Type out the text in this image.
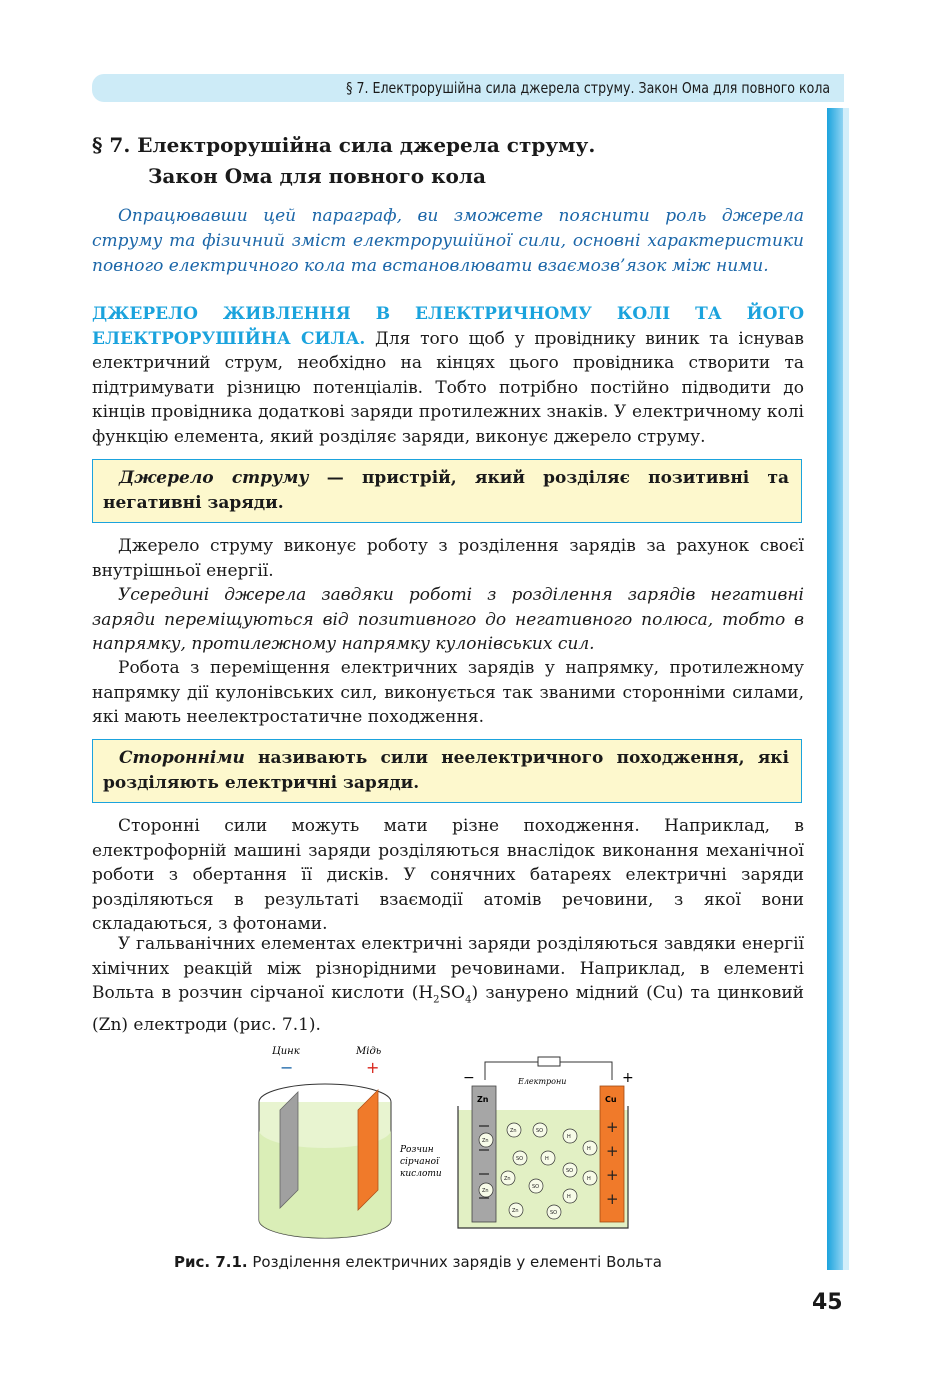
§ 7. Електрорушійна сила джерела струму. Закон Ома для повного кола
§ 7. Електрорушійна сила джерела струму.
Закон Ома для повного кола
Опрацювавши цей параграф, ви зможете пояснити роль джерела струму та фізичний зміст електрорушійної сили, основні характеристики повного електричного кола та встановлювати взаємозв’язок між ними.
ДЖЕРЕЛО ЖИВЛЕННЯ В ЕЛЕКТРИЧНОМУ КОЛІ ТА ЙОГО ЕЛЕКТРОРУШІЙНА СИЛА. Для того щоб у провіднику виник та існував електричний струм, необхідно на кінцях цього провідника створити та підтримувати різницю потенціалів. Тобто потрібно постійно підводити до кінців провідника додаткові заряди протилежних знаків. У електричному колі функцію елемента, який розділяє заряди, виконує джерело струму.
Джерело струму — пристрій, який розділяє позитивні та негативні заряди.
Джерело струму виконує роботу з розділення зарядів за рахунок своєї внутрішньої енергії.
Усередині джерела завдяки роботі з розділення зарядів негативні заряди переміщуються від позитивного до негативного полюса, тобто в напрямку, протилежному напрямку кулонівських сил.
Робота з переміщення електричних зарядів у напрямку, протилежному напрямку дії кулонівських сил, виконується так званими сторонніми силами, які мають неелектростатичне походження.
Сторонніми називають сили неелектричного походження, які розділяють електричні заряди.
Сторонні сили можуть мати різне походження. Наприклад, в електрофорній машині заряди розділяються внаслідок виконання механічної роботи з обертання її дисків. У сонячних батареях електричні заряди розділяються в результаті взаємодії атомів речовини, з якої вони складаються, з фотонами.
У гальванічних елементах електричні заряди розділяються завдяки енергії хімічних реакцій між різнорідними речовинами. Наприклад, в елементі Вольта в розчин сірчаної кислоти $(H_2SO_4)$ занурено мідний (Cu) та цинковий (Zn) електроди (рис. 7.1).
Цинк	Мідь
−	+
Розчин
сірчаної
кислоти
Електрони
−	+
Zn	Cu
+
+
+
+
Zn
Zn
Zn	SO
H
H
SO	H
SO
H
Zn
SO
H
Zn	SO
Рис. 7.1. Розділення електричних зарядів у елементі Вольта
45
